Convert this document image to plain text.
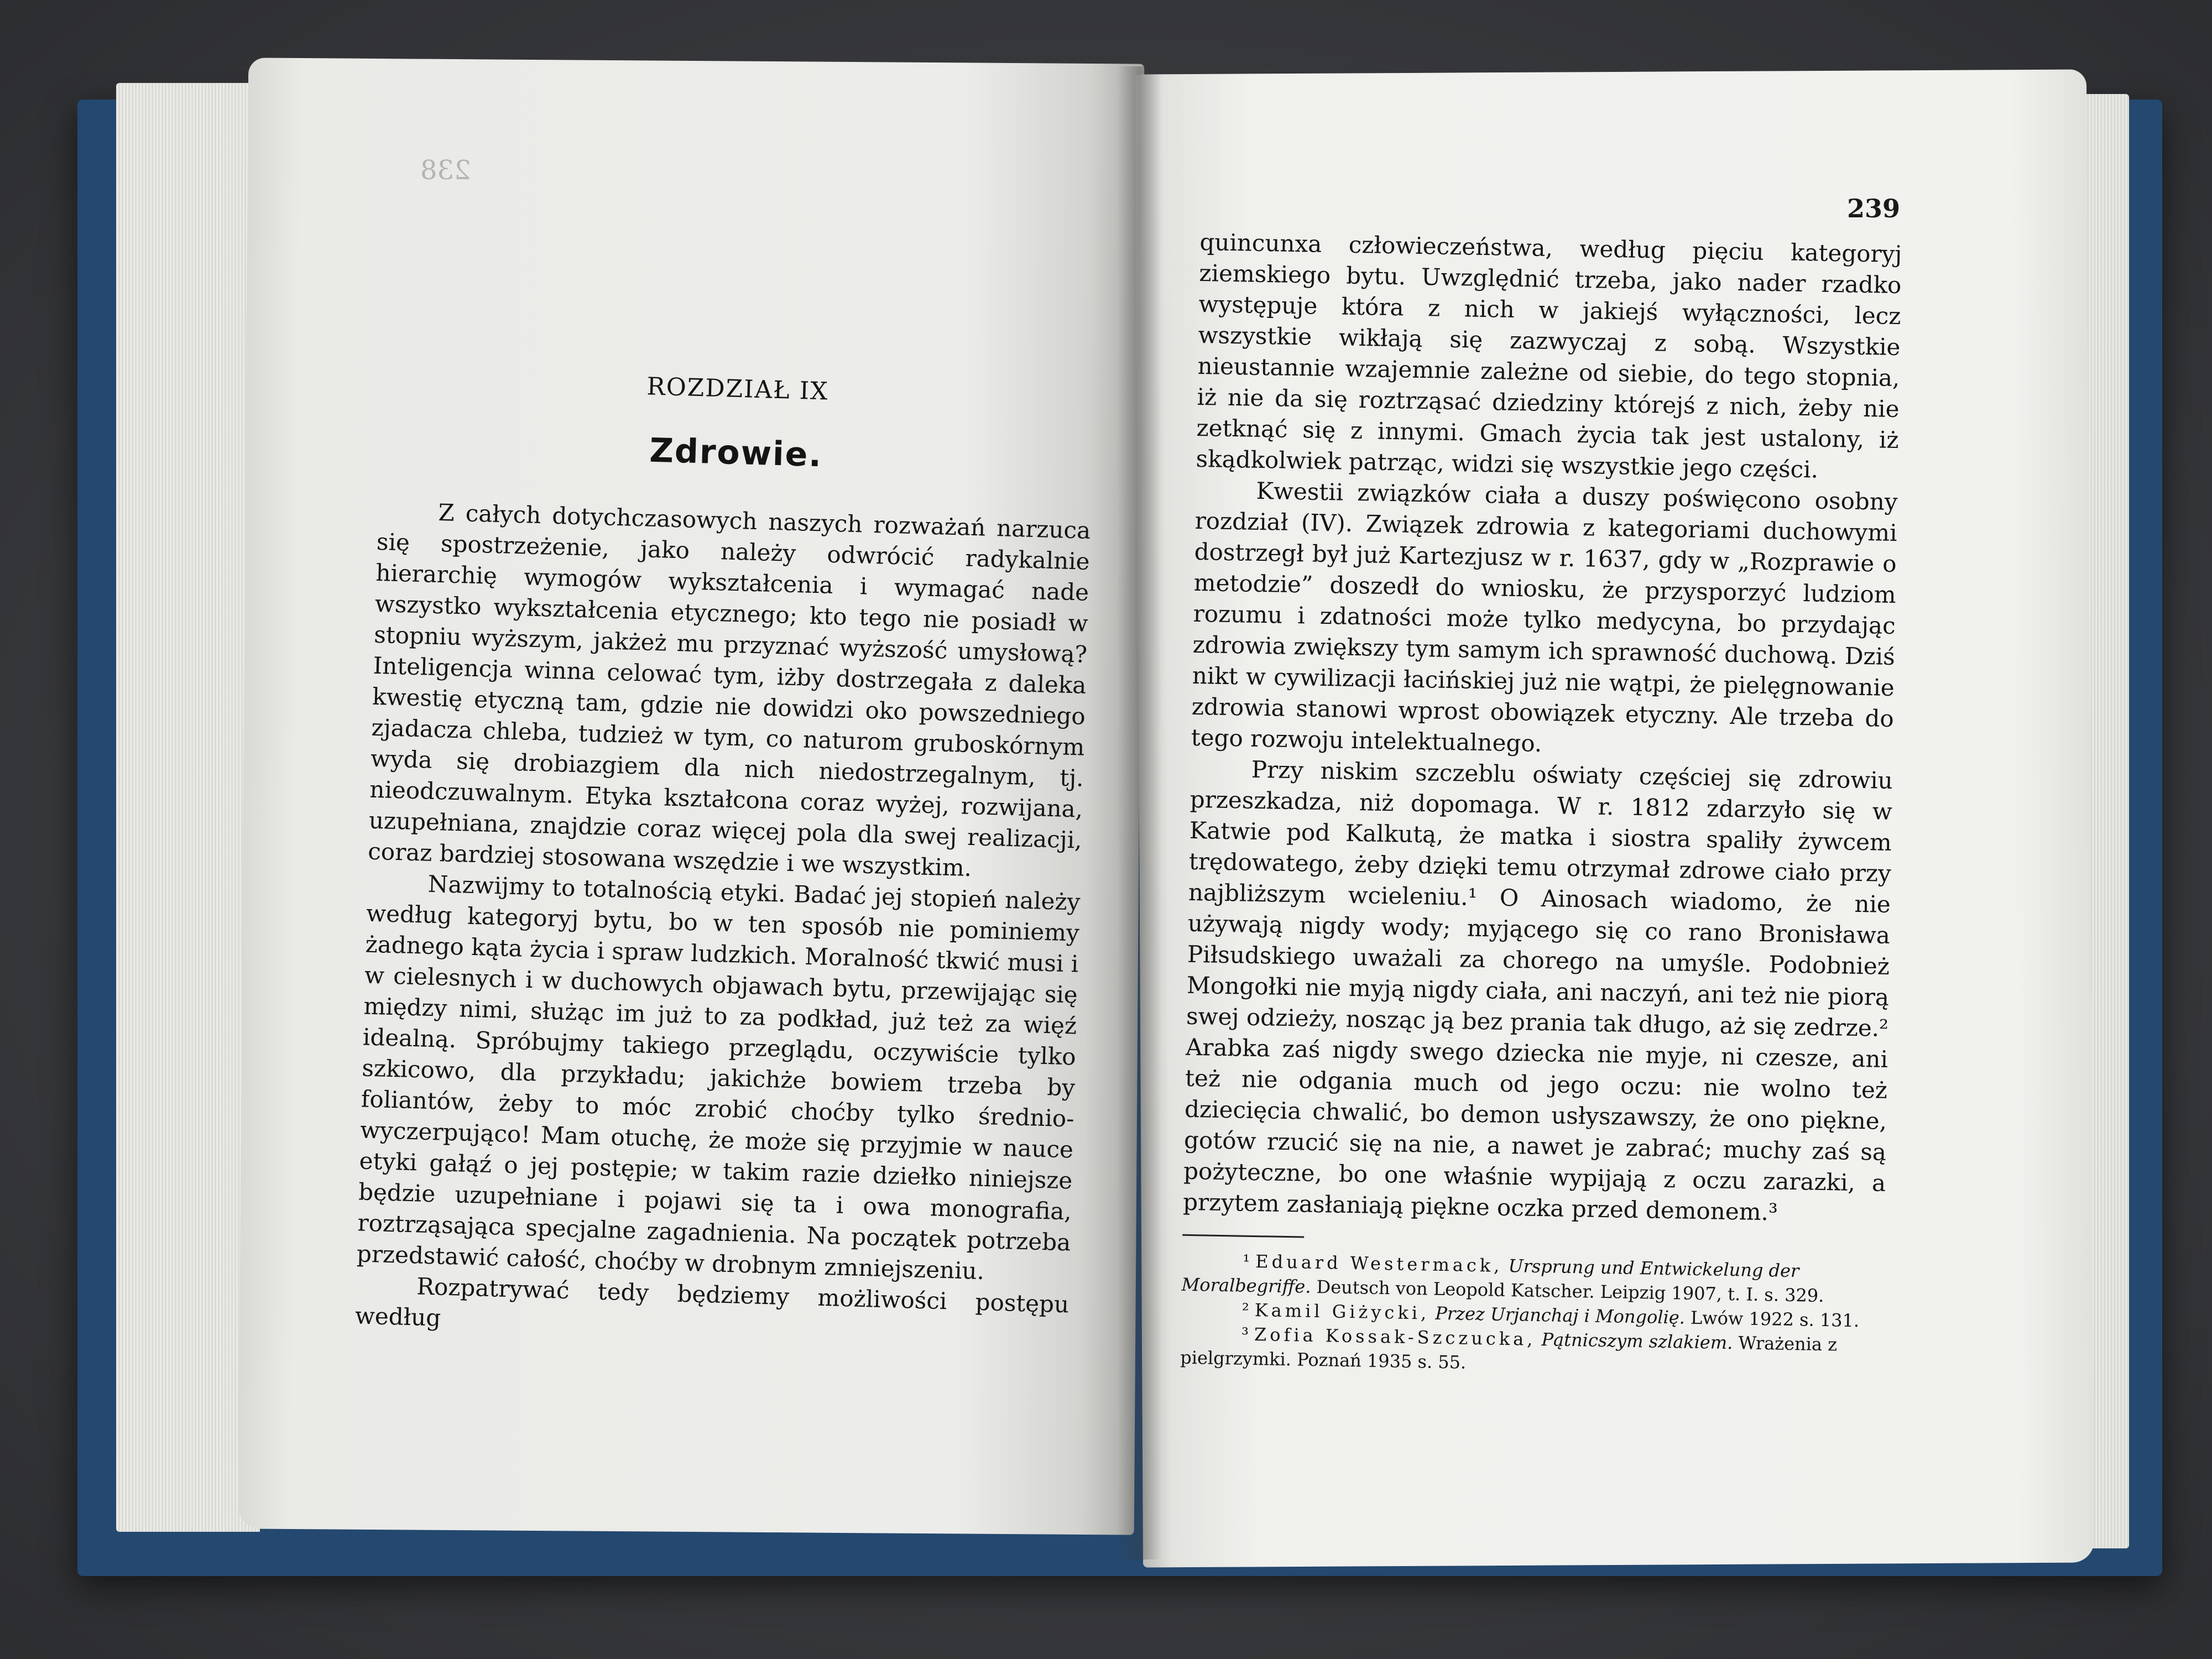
238
ROZDZIAŁ IX
Zdrowie.

Z całych dotychczasowych naszych rozważań narzuca się spostrzeżenie, jako należy odwrócić radykalnie hierarchię wymogów wykształcenia i wymagać nade wszystko wykształcenia etycznego; kto tego nie posiadł w stopniu wyższym, jakżeż mu przyznać wyższość umysłową? Inteligencja winna celować tym, iżby dostrzegała z daleka kwestię etyczną tam, gdzie nie dowidzi oko powszedniego zjadacza chleba, tudzież w tym, co naturom gruboskórnym wyda się drobiazgiem dla nich niedostrzegalnym, tj. nieodczuwalnym. Etyka kształcona coraz wyżej, rozwijana, uzupełniana, znajdzie coraz więcej pola dla swej realizacji, coraz bardziej stosowana wszędzie i we wszystkim.

Nazwijmy to totalnością etyki. Badać jej stopień należy według kategoryj bytu, bo w ten sposób nie pominiemy żadnego kąta życia i spraw ludzkich. Moralność tkwić musi i w cielesnych i w duchowych objawach bytu, przewijając się między nimi, służąc im już to za podkład, już też za więź idealną. Spróbujmy takiego przeglądu, oczywiście tylko szkicowo, dla przykładu; jakichże bowiem trzeba by foliantów, żeby to móc zrobić choćby tylko średnio-wyczerpująco! Mam otuchę, że może się przyjmie w nauce etyki gałąź o jej postępie; w takim razie dziełko niniejsze będzie uzupełniane i pojawi się ta i owa monografia, roztrząsająca specjalne zagadnienia. Na początek potrzeba przedstawić całość, choćby w drobnym zmniejszeniu.

Rozpatrywać tedy będziemy możliwości postępu według

239

quincunxa człowieczeństwa, według pięciu kategoryj ziemskiego bytu. Uwzględnić trzeba, jako nader rzadko występuje która z nich w jakiejś wyłączności, lecz wszystkie wikłają się zazwyczaj z sobą. Wszystkie nieustannie wzajemnie zależne od siebie, do tego stopnia, iż nie da się roztrząsać dziedziny którejś z nich, żeby nie zetknąć się z innymi. Gmach życia tak jest ustalony, iż skądkolwiek patrząc, widzi się wszystkie jego części.

Kwestii związków ciała a duszy poświęcono osobny rozdział (IV). Związek zdrowia z kategoriami duchowymi dostrzegł był już Kartezjusz w r. 1637, gdy w „Rozprawie o metodzie” doszedł do wniosku, że przysporzyć ludziom rozumu i zdatności może tylko medycyna, bo przydając zdrowia zwiększy tym samym ich sprawność duchową. Dziś nikt w cywilizacji łacińskiej już nie wątpi, że pielęgnowanie zdrowia stanowi wprost obowiązek etyczny. Ale trzeba do tego rozwoju intelektualnego.

Przy niskim szczeblu oświaty częściej się zdrowiu przeszkadza, niż dopomaga. W r. 1812 zdarzyło się w Katwie pod Kalkutą, że matka i siostra spaliły żywcem trędowatego, żeby dzięki temu otrzymał zdrowe ciało przy najbliższym wcieleniu.¹ O Ainosach wiadomo, że nie używają nigdy wody; myjącego się co rano Bronisława Piłsudskiego uważali za chorego na umyśle. Podobnież Mongołki nie myją nigdy ciała, ani naczyń, ani też nie piorą swej odzieży, nosząc ją bez prania tak długo, aż się zedrze.² Arabka zaś nigdy swego dziecka nie myje, ni czesze, ani też nie odgania much od jego oczu: nie wolno też dziecięcia chwalić, bo demon usłyszawszy, że ono piękne, gotów rzucić się na nie, a nawet je zabrać; muchy zaś są pożyteczne, bo one właśnie wypijają z oczu zarazki, a przytem zasłaniają piękne oczka przed demonem.³

¹ Eduard Westermack, Ursprung und Entwickelung der Moralbegriffe. Deutsch von Leopold Katscher. Leipzig 1907, t. I. s. 329.

² Kamil Giżycki, Przez Urjanchaj i Mongolię. Lwów 1922 s. 131.

³ Zofia Kossak-Szczucka, Pątnicszym szlakiem. Wrażenia z pielgrzymki. Poznań 1935 s. 55.
